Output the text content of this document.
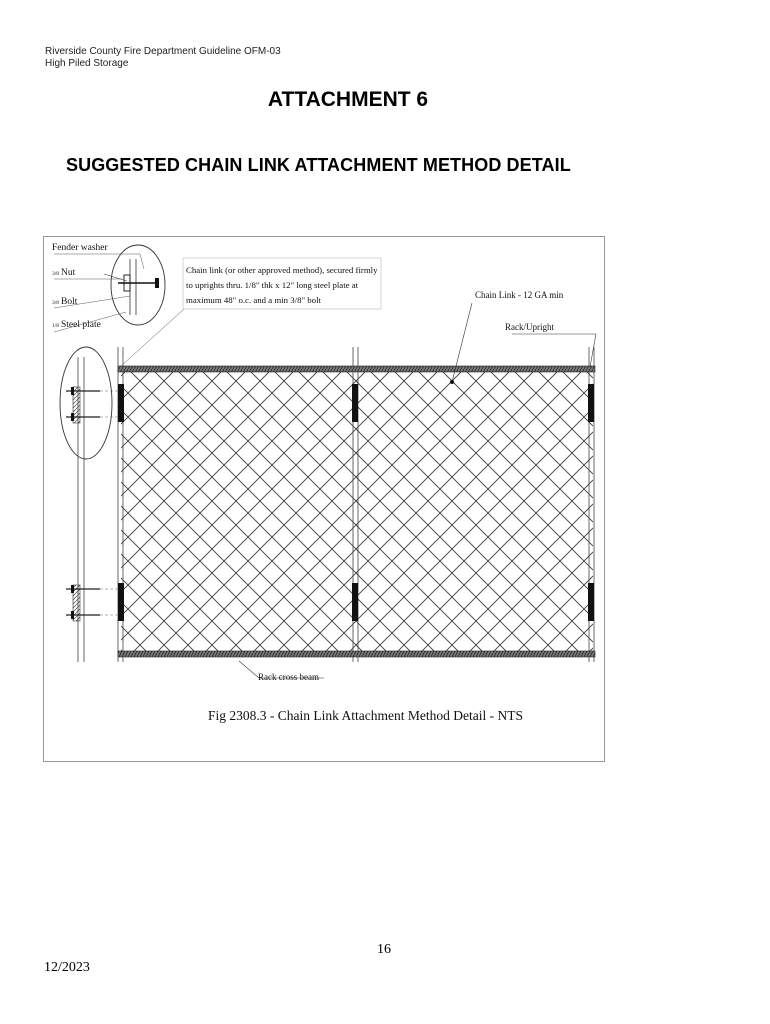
Riverside County Fire Department Guideline OFM-03
High Piled Storage
ATTACHMENT 6
SUGGESTED CHAIN LINK ATTACHMENT METHOD DETAIL
Fender washer
3/8 Nut
3/8 Bolt
1/8 Steel plate
Chain link (or other approved method), secured firmly
to uprights thru. 1/8" thk x 12" long steel plate at
maximum 48" o.c. and a min 3/8" bolt	Chain Link - 12 GA min
Rack/Upright
Rack cross beam
Fig 2308.3 - Chain Link Attachment Method Detail - NTS
16
12/2023
